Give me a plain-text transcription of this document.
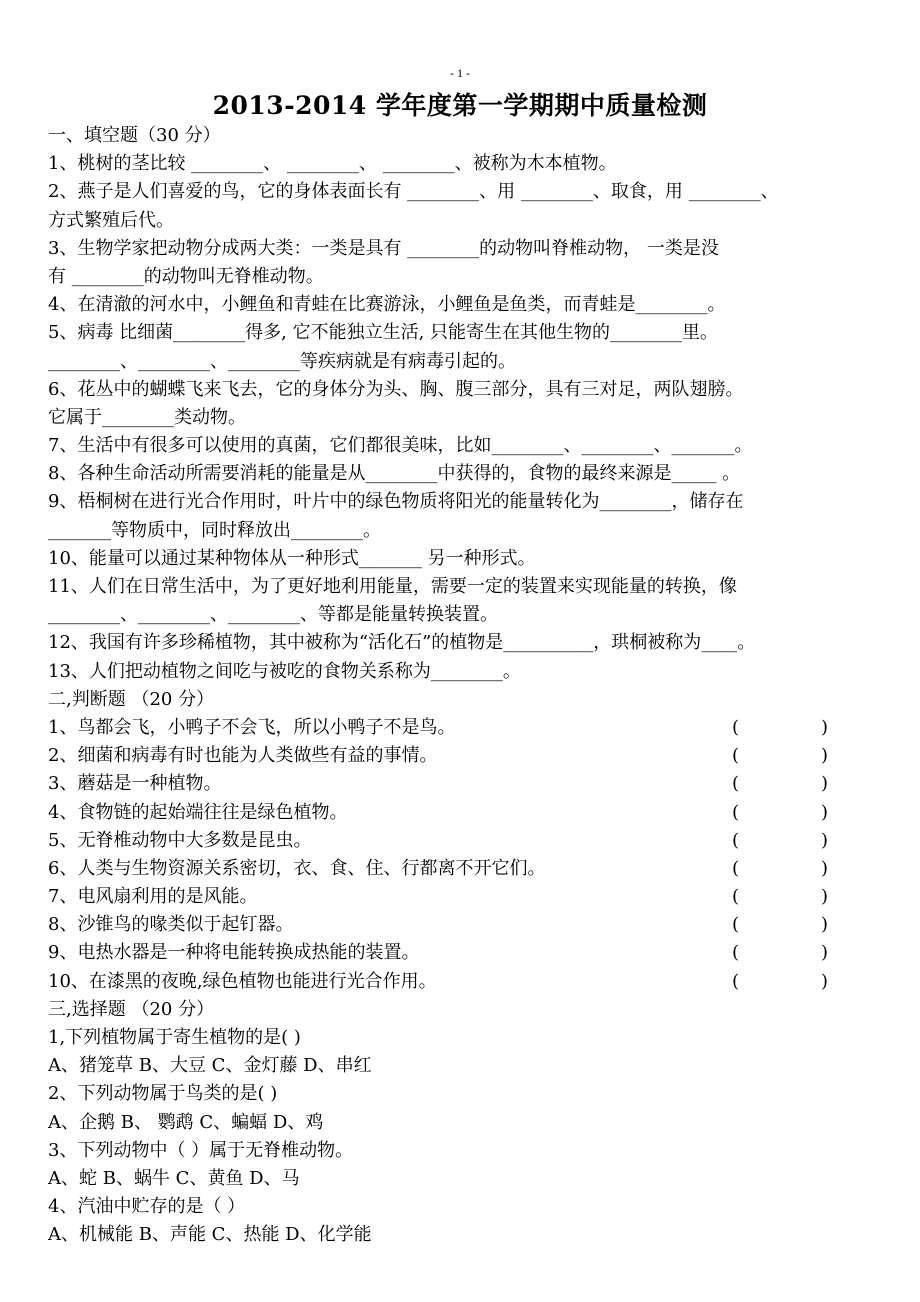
- 1 -
2013-2014 学年度第一学期期中质量检测
一、填空题（30 分）
1、桃树的茎比较 ________、 ________、 ________、被称为木本植物。
2、燕子是人们喜爱的鸟，它的身体表面长有 ________、用 ________、取食，用 ________、
方式繁殖后代。
3、生物学家把动物分成两大类：一类是具有 ________的动物叫脊椎动物， 一类是没
有 ________的动物叫无脊椎动物。
4、在清澈的河水中，小鲤鱼和青蛙在比赛游泳，小鲤鱼是鱼类，而青蛙是________。
5、病毒 比细菌________得多, 它不能独立生活, 只能寄生在其他生物的________里。
________、________、________等疾病就是有病毒引起的。
6、花丛中的蝴蝶飞来飞去，它的身体分为头、胸、腹三部分，具有三对足，两队翅膀。
它属于________类动物。
7、生活中有很多可以使用的真菌，它们都很美味，比如________、________、_______。
8、各种生命活动所需要消耗的能量是从________中获得的，食物的最终来源是_____ 。
9、梧桐树在进行光合作用时，叶片中的绿色物质将阳光的能量转化为________，储存在
_______等物质中，同时释放出________。
10、能量可以通过某种物体从一种形式_______ 另一种形式。
11、人们在日常生活中，为了更好地利用能量，需要一定的装置来实现能量的转换，像
________、________、________、等都是能量转换装置。
12、我国有许多珍稀植物，其中被称为“活化石”的植物是__________，珙桐被称为____。
13、人们把动植物之间吃与被吃的食物关系称为________。
二,判断题 （20 分）
1、鸟都会飞，小鸭子不会飞，所以小鸭子不是鸟。	(	)
2、细菌和病毒有时也能为人类做些有益的事情。	(	)
3、蘑菇是一种植物。	(	)
4、食物链的起始端往往是绿色植物。	(	)
5、无脊椎动物中大多数是昆虫。	(	)
6、人类与生物资源关系密切，衣、食、住、行都离不开它们。	(	)
7、电风扇利用的是风能。	(	)
8、沙锥鸟的喙类似于起钉器。	(	)
9、电热水器是一种将电能转换成热能的装置。	(	)
10、在漆黑的夜晚,绿色植物也能进行光合作用。	(	)
三,选择题 （20 分）
1,下列植物属于寄生植物的是( )
A、猪笼草 B、大豆 C、金灯藤 D、串红
2、下列动物属于鸟类的是( )
A、企鹅 B、 鹦鹉 C、蝙蝠 D、鸡
3、下列动物中（ ）属于无脊椎动物。
A、蛇 B、蜗牛 C、黄鱼 D、马
4、汽油中贮存的是（ ）
A、机械能 B、声能 C、热能 D、化学能
